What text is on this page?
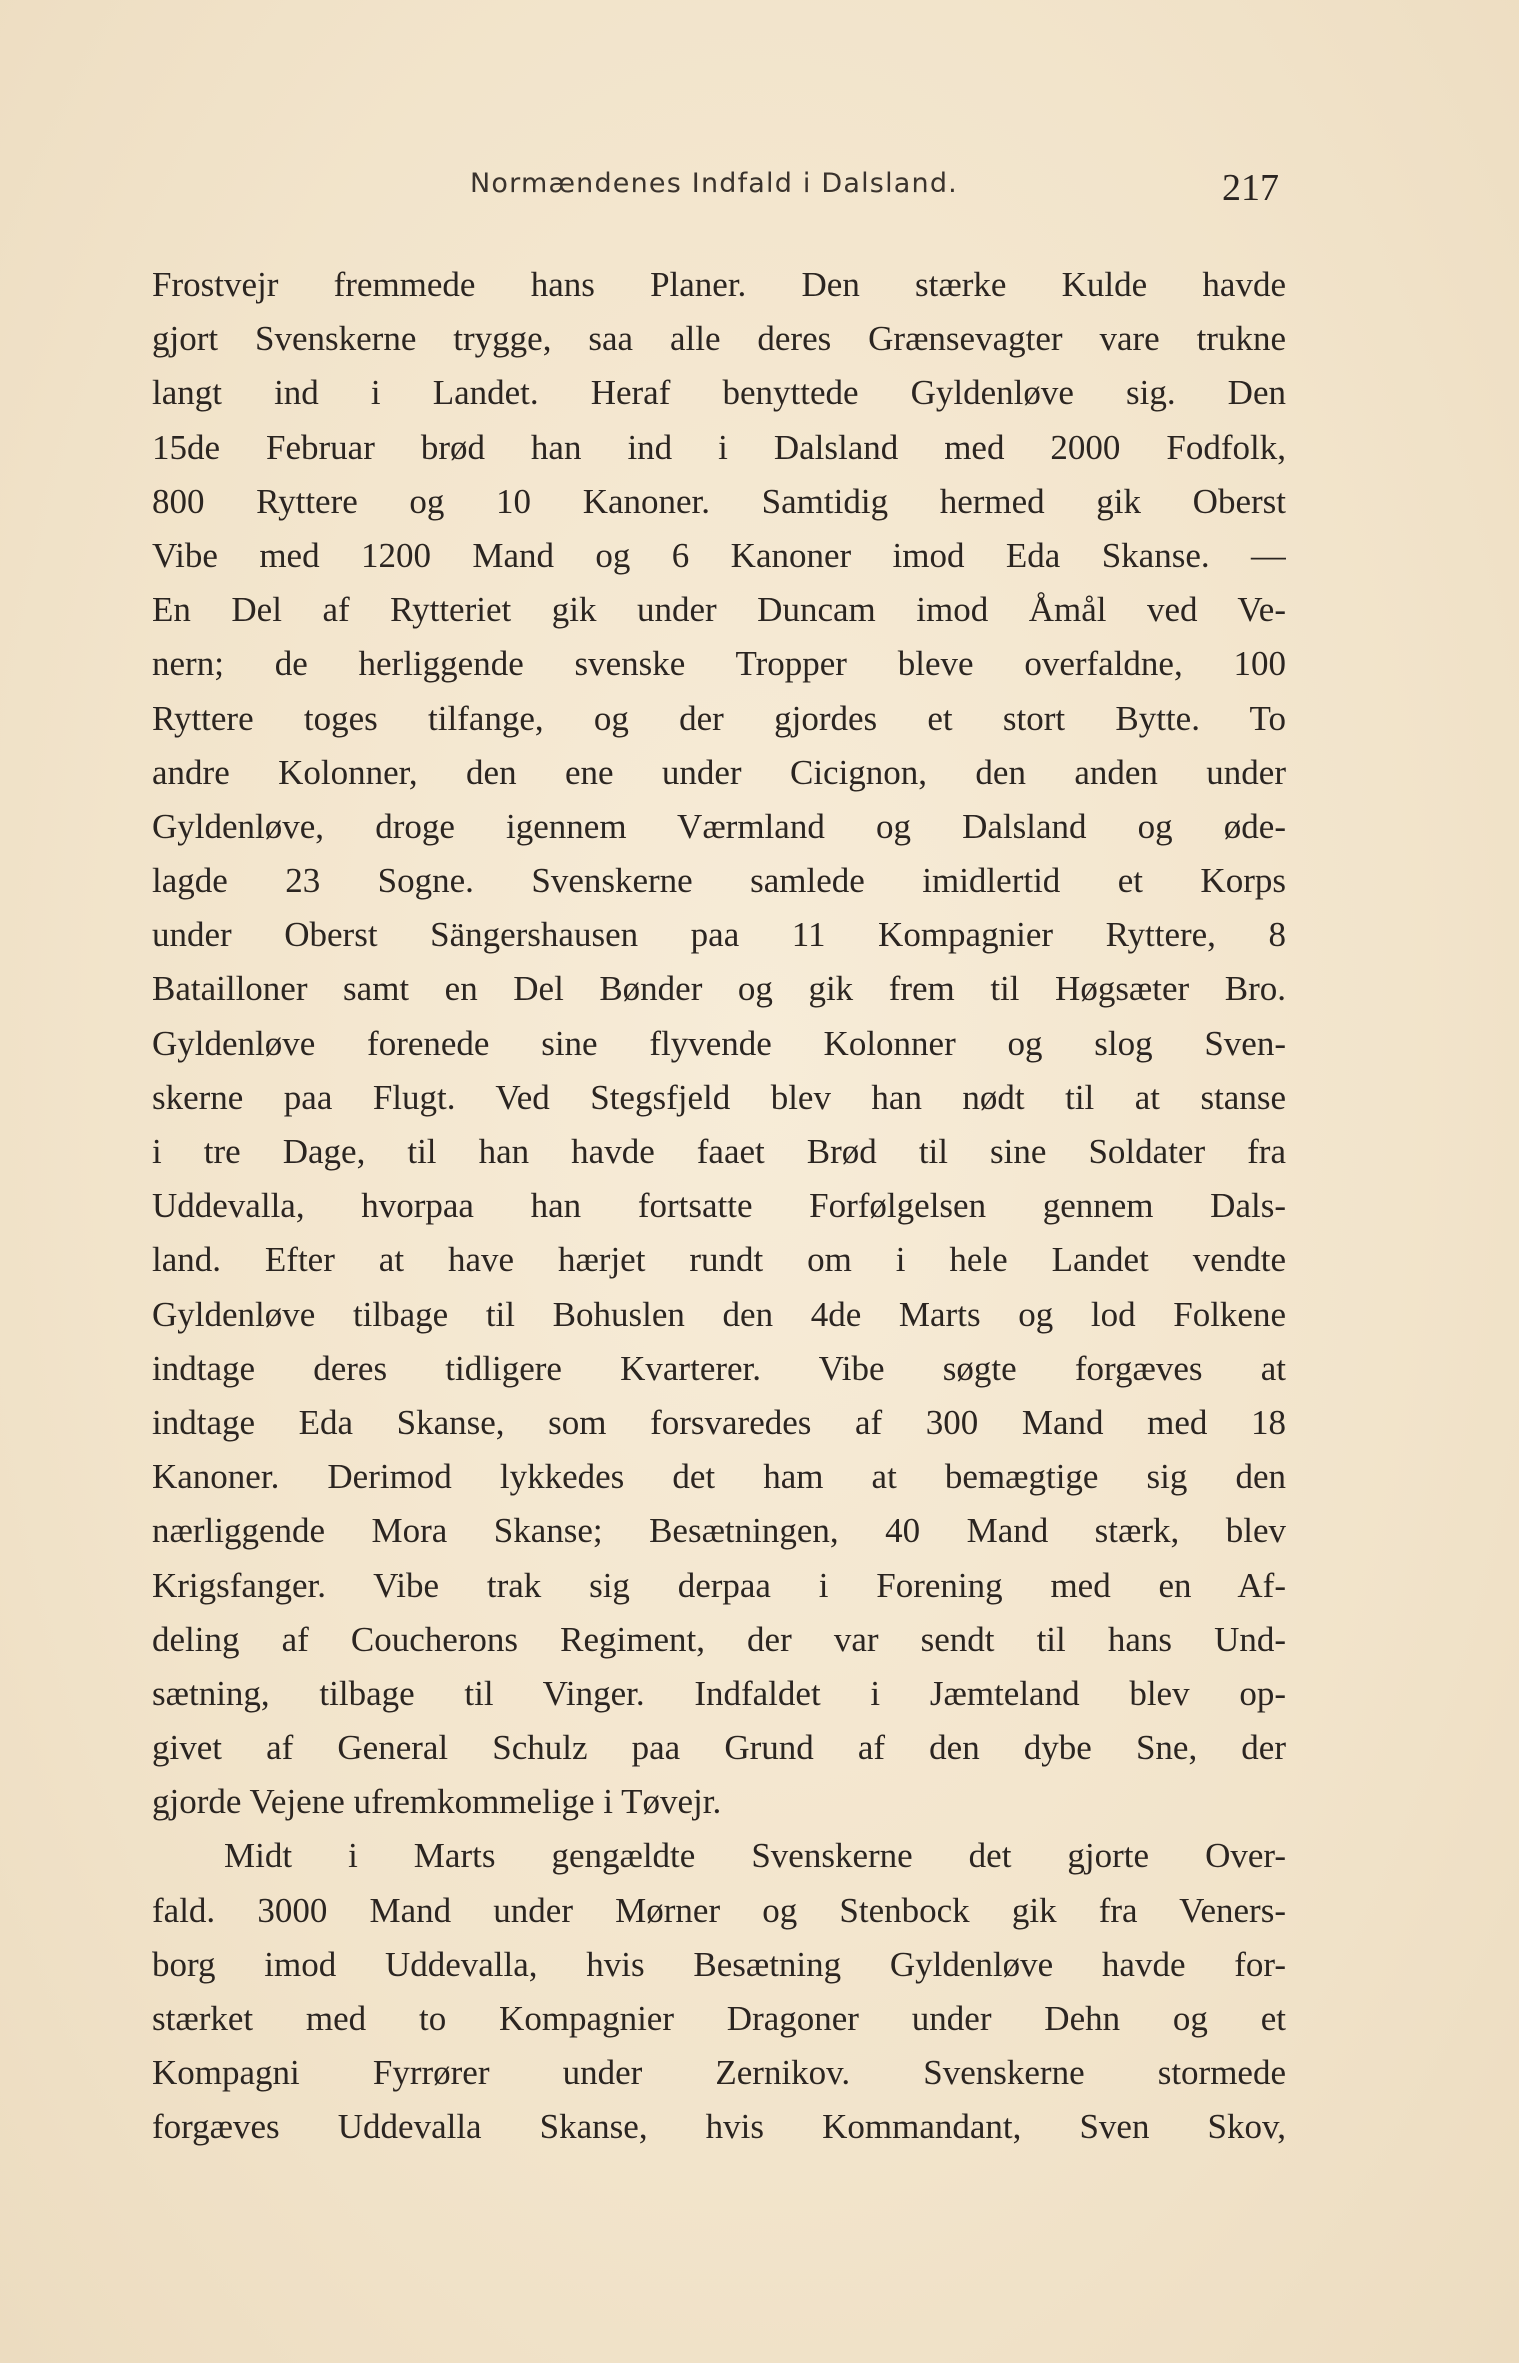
Normændenes Indfald i Dalsland.	217
Frostvejr fremmede hans Planer. Den stærke Kulde havde
gjort Svenskerne trygge, saa alle deres Grænsevagter vare trukne
langt ind i Landet. Heraf benyttede Gyldenløve sig. Den
15de Februar brød han ind i Dalsland med 2000 Fodfolk,
800 Ryttere og 10 Kanoner. Samtidig hermed gik Oberst
Vibe med 1200 Mand og 6 Kanoner imod Eda Skanse. —
En Del af Rytteriet gik under Duncam imod Åmål ved Ve-
nern; de herliggende svenske Tropper bleve overfaldne, 100
Ryttere toges tilfange, og der gjordes et stort Bytte. To
andre Kolonner, den ene under Cicignon, den anden under
Gyldenløve, droge igennem Værmland og Dalsland og øde-
lagde 23 Sogne. Svenskerne samlede imidlertid et Korps
under Oberst Sängershausen paa 11 Kompagnier Ryttere, 8
Batailloner samt en Del Bønder og gik frem til Høgsæter Bro.
Gyldenløve forenede sine flyvende Kolonner og slog Sven-
skerne paa Flugt. Ved Stegsfjeld blev han nødt til at stanse
i tre Dage, til han havde faaet Brød til sine Soldater fra
Uddevalla, hvorpaa han fortsatte Forfølgelsen gennem Dals-
land. Efter at have hærjet rundt om i hele Landet vendte
Gyldenløve tilbage til Bohuslen den 4de Marts og lod Folkene
indtage deres tidligere Kvarterer. Vibe søgte forgæves at
indtage Eda Skanse, som forsvaredes af 300 Mand med 18
Kanoner. Derimod lykkedes det ham at bemægtige sig den
nærliggende Mora Skanse; Besætningen, 40 Mand stærk, blev
Krigsfanger. Vibe trak sig derpaa i Forening med en Af-
deling af Coucherons Regiment, der var sendt til hans Und-
sætning, tilbage til Vinger. Indfaldet i Jæmteland blev op-
givet af General Schulz paa Grund af den dybe Sne, der
gjorde Vejene ufremkommelige i Tøvejr.
Midt i Marts gengældte Svenskerne det gjorte Over-
fald. 3000 Mand under Mørner og Stenbock gik fra Veners-
borg imod Uddevalla, hvis Besætning Gyldenløve havde for-
stærket med to Kompagnier Dragoner under Dehn og et
Kompagni Fyrrører under Zernikov. Svenskerne stormede
forgæves Uddevalla Skanse, hvis Kommandant, Sven Skov,
